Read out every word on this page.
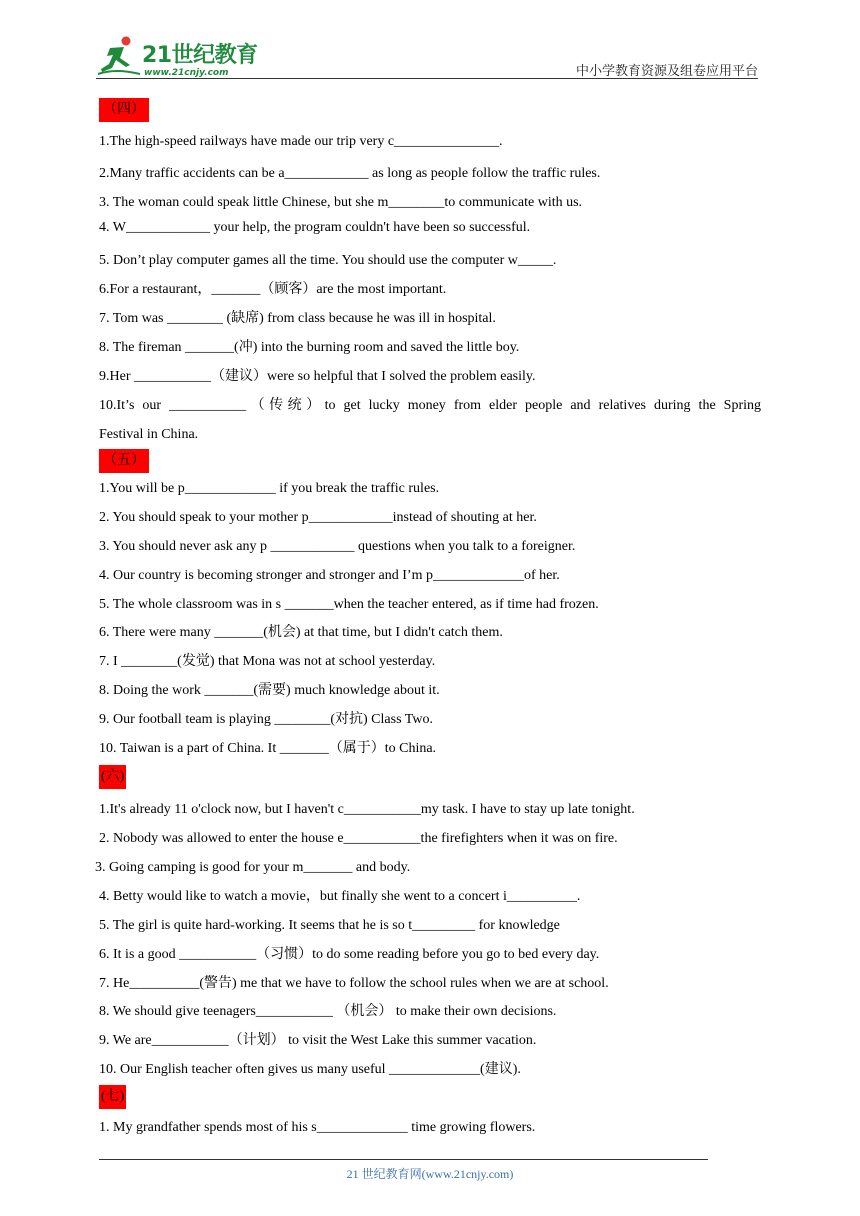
21世纪教育
www.21cnjy.com	中小学教育资源及组卷应用平台
（四）
1.The high-speed railways have made our trip very c_______________.
2.Many traffic accidents can be a____________ as long as people follow the traffic rules.
3. The woman could speak little Chinese, but she m________to communicate with us.
4. W____________ your help, the program couldn't have been so successful.
5. Don’t play computer games all the time. You should use the computer w_____.
6.For a restaurant，_______（顾客）are the most important.
7. Tom was ________ (缺席) from class because he was ill in hospital.
8. The fireman _______(冲) into the burning room and saved the little boy.
9.Her ___________（建议）were so helpful that I solved the problem easily.
10.It’s our ___________（传统）to get lucky money from elder people and relatives during the Spring
Festival in China.
（五）
1.You will be p_____________ if you break the traffic rules.
2. You should speak to your mother p____________instead of shouting at her.
3. You should never ask any p ____________ questions when you talk to a foreigner.
4. Our country is becoming stronger and stronger and I’m p_____________of her.
5. The whole classroom was in s _______when the teacher entered, as if time had frozen.
6. There were many _______(机会) at that time, but I didn't catch them.
7. I ________(发觉) that Mona was not at school yesterday.
8. Doing the work _______(需要) much knowledge about it.
9. Our football team is playing ________(对抗) Class Two.
10. Taiwan is a part of China. It _______（属于）to China.
(六)
1.It's already 11 o'clock now, but I haven't c___________my task. I have to stay up late tonight.
2. Nobody was allowed to enter the house e___________the firefighters when it was on fire.
3. Going camping is good for your m_______ and body.
4. Betty would like to watch a movie，but finally she went to a concert i__________.
5. The girl is quite hard-working. It seems that he is so t_________ for knowledge
6. It is a good ___________（习惯）to do some reading before you go to bed every day.
7. He__________(警告) me that we have to follow the school rules when we are at school.
8. We should give teenagers___________ （机会） to make their own decisions.
9. We are___________（计划） to visit the West Lake this summer vacation.
10. Our English teacher often gives us many useful _____________(建议).
(七)
1. My grandfather spends most of his s_____________ time growing flowers.
21 世纪教育网(www.21cnjy.com)
